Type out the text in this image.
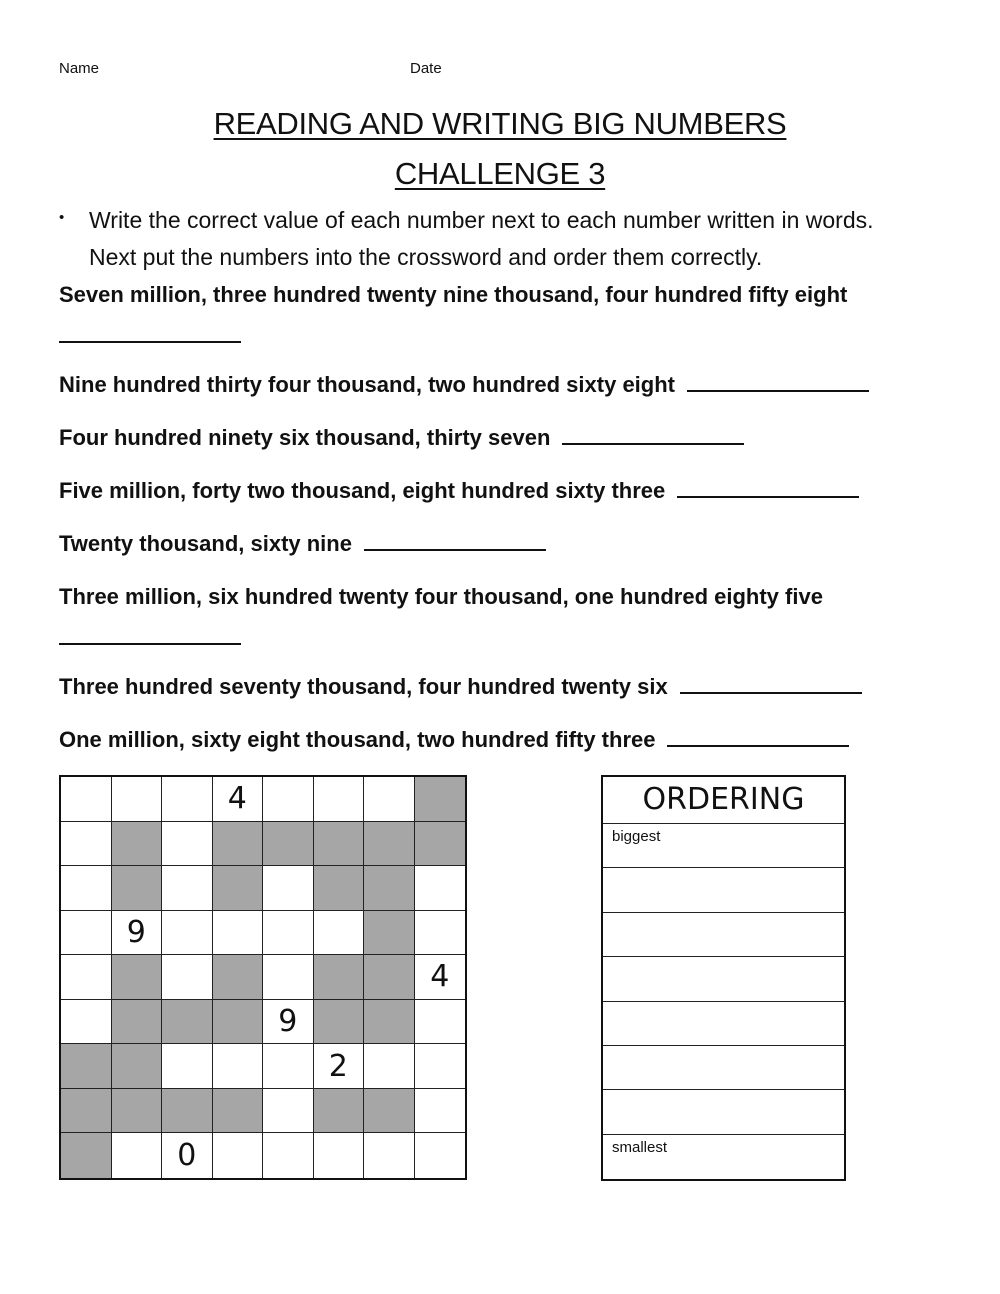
Name	Date
READING AND WRITING BIG NUMBERS
CHALLENGE 3
• Write the correct value of each number next to each number written in words.
Next put the numbers into the crossword and order them correctly.
Seven million, three hundred twenty nine thousand, four hundred fifty eight
Nine hundred thirty four thousand, two hundred sixty eight
Four hundred ninety six thousand, thirty seven
Five million, forty two thousand, eight hundred sixty three
Twenty thousand, sixty nine
Three million, six hundred twenty four thousand, one hundred eighty five
Three hundred seventy thousand, four hundred twenty six
One million, sixty eight thousand, two hundred fifty three
4
9
4
9
2
0
ORDERING
biggest
smallest
